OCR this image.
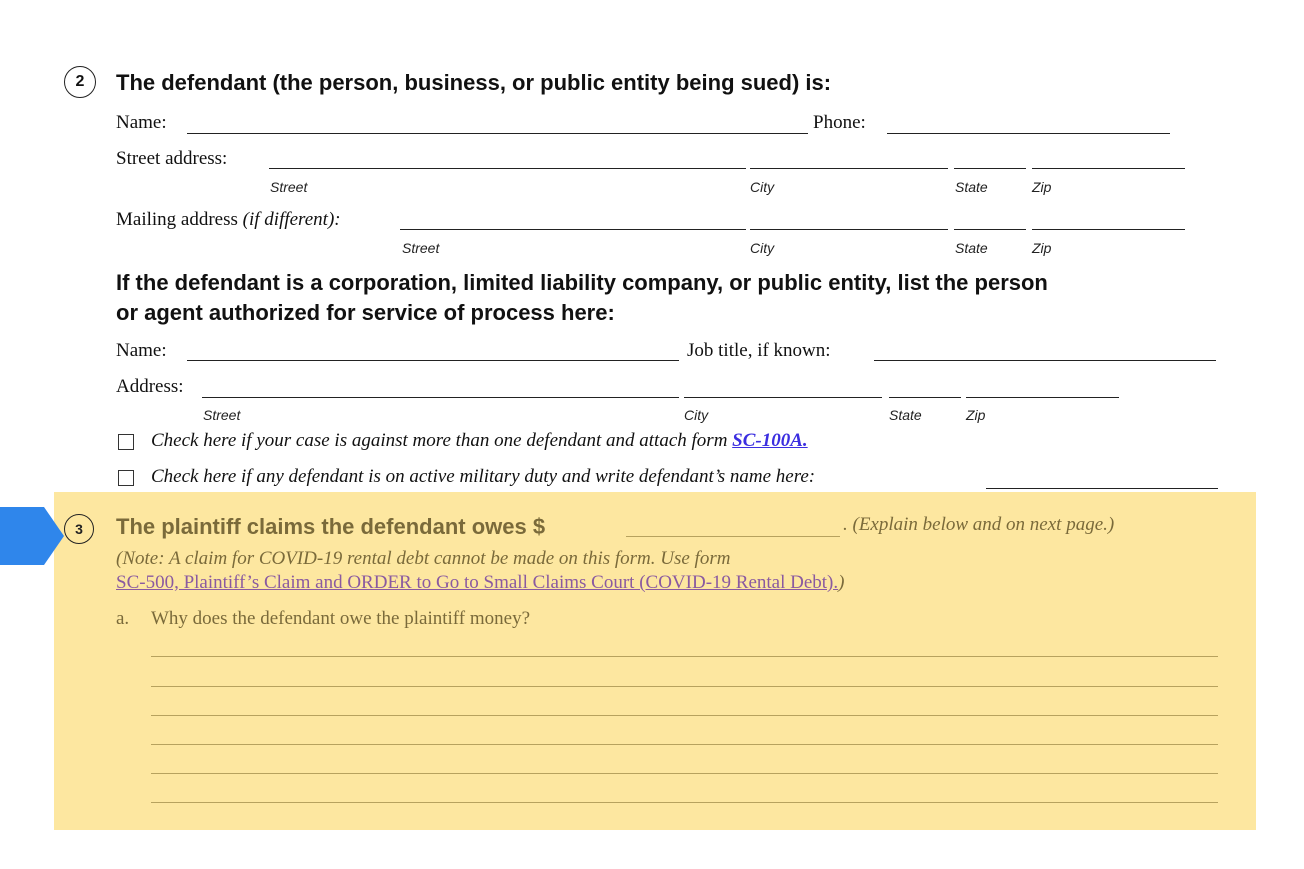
2	The defendant (the person, business, or public entity being sued) is:
Name:	Phone:
Street address:
Street	City	State	Zip
Mailing address (if different):
Street	City	State	Zip
If the defendant is a corporation, limited liability company, or public entity, list the person
or agent authorized for service of process here:
Name:	Job title, if known:
Address:
Street	City	State	Zip
Check here if your case is against more than one defendant and attach form SC-100A.
Check here if any defendant is on active military duty and write defendant’s name here:
3	The plaintiff claims the defendant owes $	. (Explain below and on next page.)
(Note: A claim for COVID-19 rental debt cannot be made on this form. Use form
SC-500, Plaintiff’s Claim and ORDER to Go to Small Claims Court (COVID-19 Rental Debt).)
a. Why does the defendant owe the plaintiff money?
